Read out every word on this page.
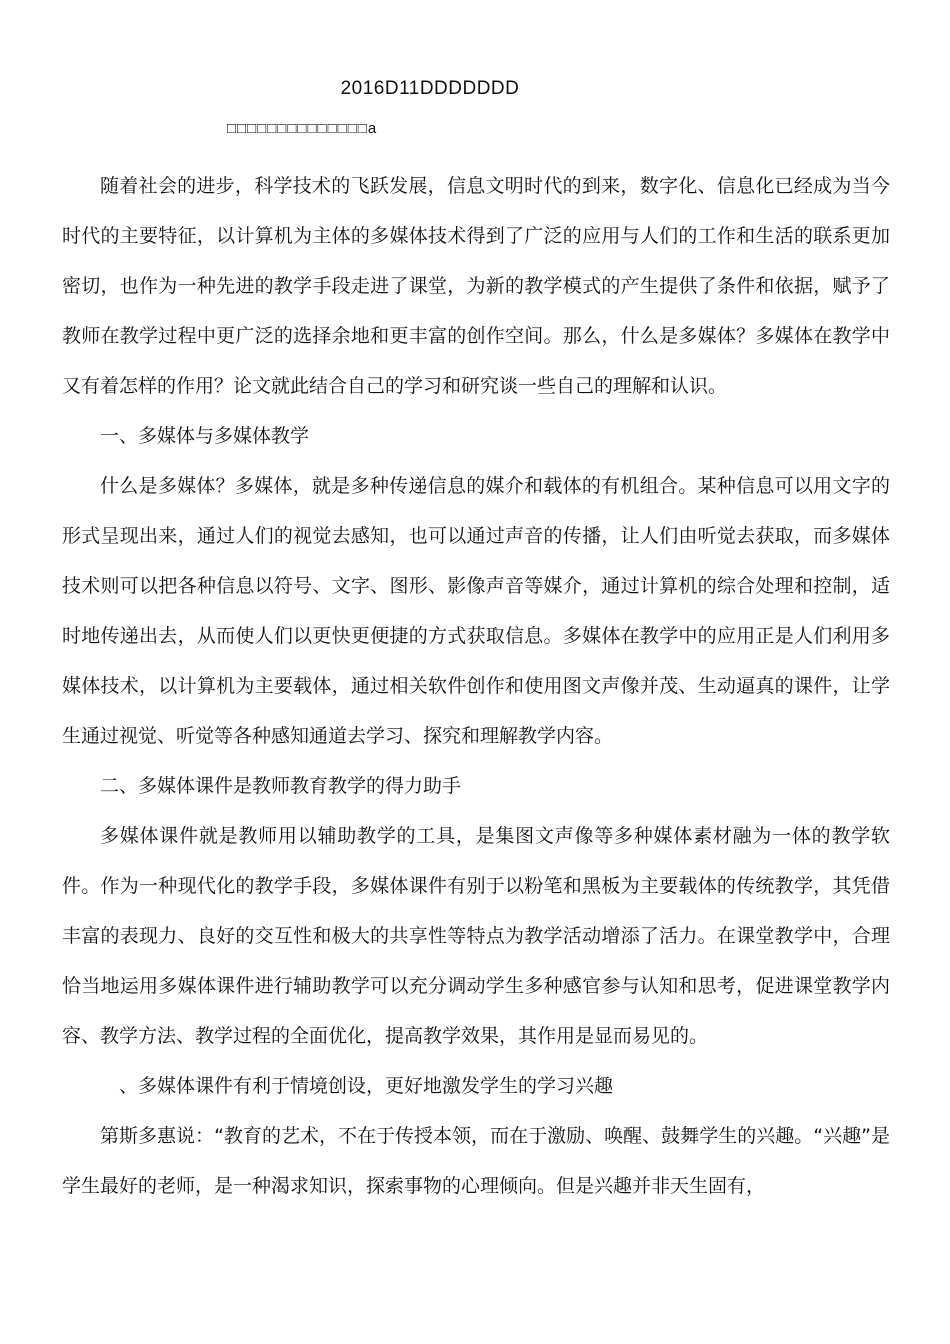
2016D11DDDDDDD
□□□□□□□□□□□□□□a

随着社会的进步，科学技术的飞跃发展，信息文明时代的到来，数字化、信息化已经成为当今时代的主要特征，以计算机为主体的多媒体技术得到了广泛的应用与人们的工作和生活的联系更加密切，也作为一种先进的教学手段走进了课堂，为新的教学模式的产生提供了条件和依据，赋予了教师在教学过程中更广泛的选择余地和更丰富的创作空间。那么，什么是多媒体？多媒体在教学中又有着怎样的作用？论文就此结合自己的学习和研究谈一些自己的理解和认识。

一、多媒体与多媒体教学

什么是多媒体？多媒体，就是多种传递信息的媒介和载体的有机组合。某种信息可以用文字的形式呈现出来，通过人们的视觉去感知，也可以通过声音的传播，让人们由听觉去获取，而多媒体技术则可以把各种信息以符号、文字、图形、影像声音等媒介，通过计算机的综合处理和控制，适时地传递出去，从而使人们以更快更便捷的方式获取信息。多媒体在教学中的应用正是人们利用多媒体技术，以计算机为主要载体，通过相关软件创作和使用图文声像并茂、生动逼真的课件，让学生通过视觉、听觉等各种感知通道去学习、探究和理解教学内容。

二、多媒体课件是教师教育教学的得力助手

多媒体课件就是教师用以辅助教学的工具，是集图文声像等多种媒体素材融为一体的教学软件。作为一种现代化的教学手段，多媒体课件有别于以粉笔和黑板为主要载体的传统教学，其凭借丰富的表现力、良好的交互性和极大的共享性等特点为教学活动增添了活力。在课堂教学中，合理恰当地运用多媒体课件进行辅助教学可以充分调动学生多种感官参与认知和思考，促进课堂教学内容、教学方法、教学过程的全面优化，提高教学效果，其作用是显而易见的。

、多媒体课件有利于情境创设，更好地激发学生的学习兴趣

第斯多惠说：“教育的艺术，不在于传授本领，而在于激励、唤醒、鼓舞学生的兴趣。“兴趣”是学生最好的老师，是一种渴求知识，探索事物的心理倾向。但是兴趣并非天生固有，
